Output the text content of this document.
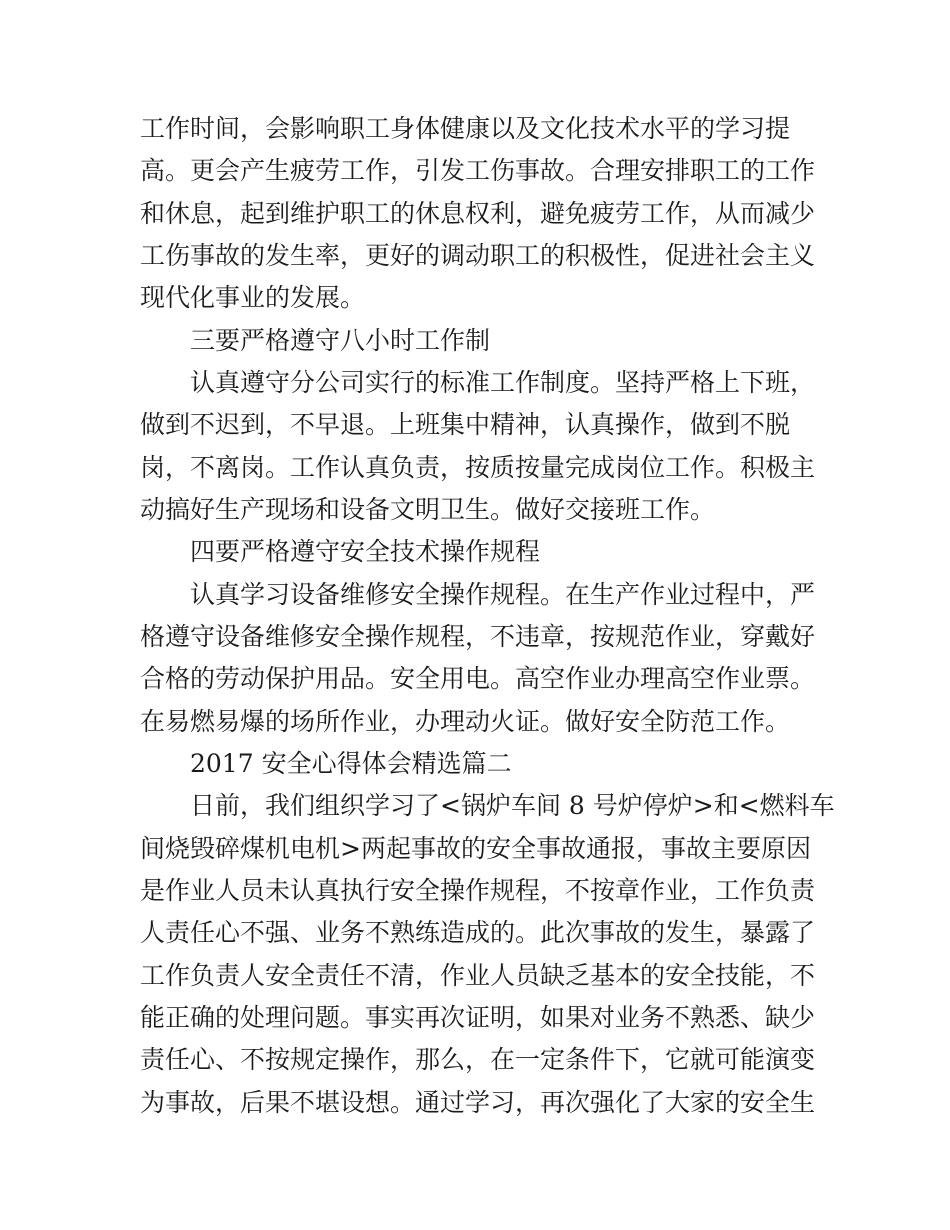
工作时间，会影响职工身体健康以及文化技术水平的学习提
高。更会产生疲劳工作，引发工伤事故。合理安排职工的工作
和休息，起到维护职工的休息权利，避免疲劳工作，从而减少
工伤事故的发生率，更好的调动职工的积极性，促进社会主义
现代化事业的发展。
三要严格遵守八小时工作制
认真遵守分公司实行的标准工作制度。坚持严格上下班，
做到不迟到，不早退。上班集中精神，认真操作，做到不脱
岗，不离岗。工作认真负责，按质按量完成岗位工作。积极主
动搞好生产现场和设备文明卫生。做好交接班工作。
四要严格遵守安全技术操作规程
认真学习设备维修安全操作规程。在生产作业过程中，严
格遵守设备维修安全操作规程，不违章，按规范作业，穿戴好
合格的劳动保护用品。安全用电。高空作业办理高空作业票。
在易燃易爆的场所作业，办理动火证。做好安全防范工作。
2017 安全心得体会精选篇二
日前，我们组织学习了<锅炉车间 8 号炉停炉>和<燃料车
间烧毁碎煤机电机>两起事故的安全事故通报，事故主要原因
是作业人员未认真执行安全操作规程，不按章作业，工作负责
人责任心不强、业务不熟练造成的。此次事故的发生，暴露了
工作负责人安全责任不清，作业人员缺乏基本的安全技能，不
能正确的处理问题。事实再次证明，如果对业务不熟悉、缺少
责任心、不按规定操作，那么，在一定条件下，它就可能演变
为事故，后果不堪设想。通过学习，再次强化了大家的安全生
